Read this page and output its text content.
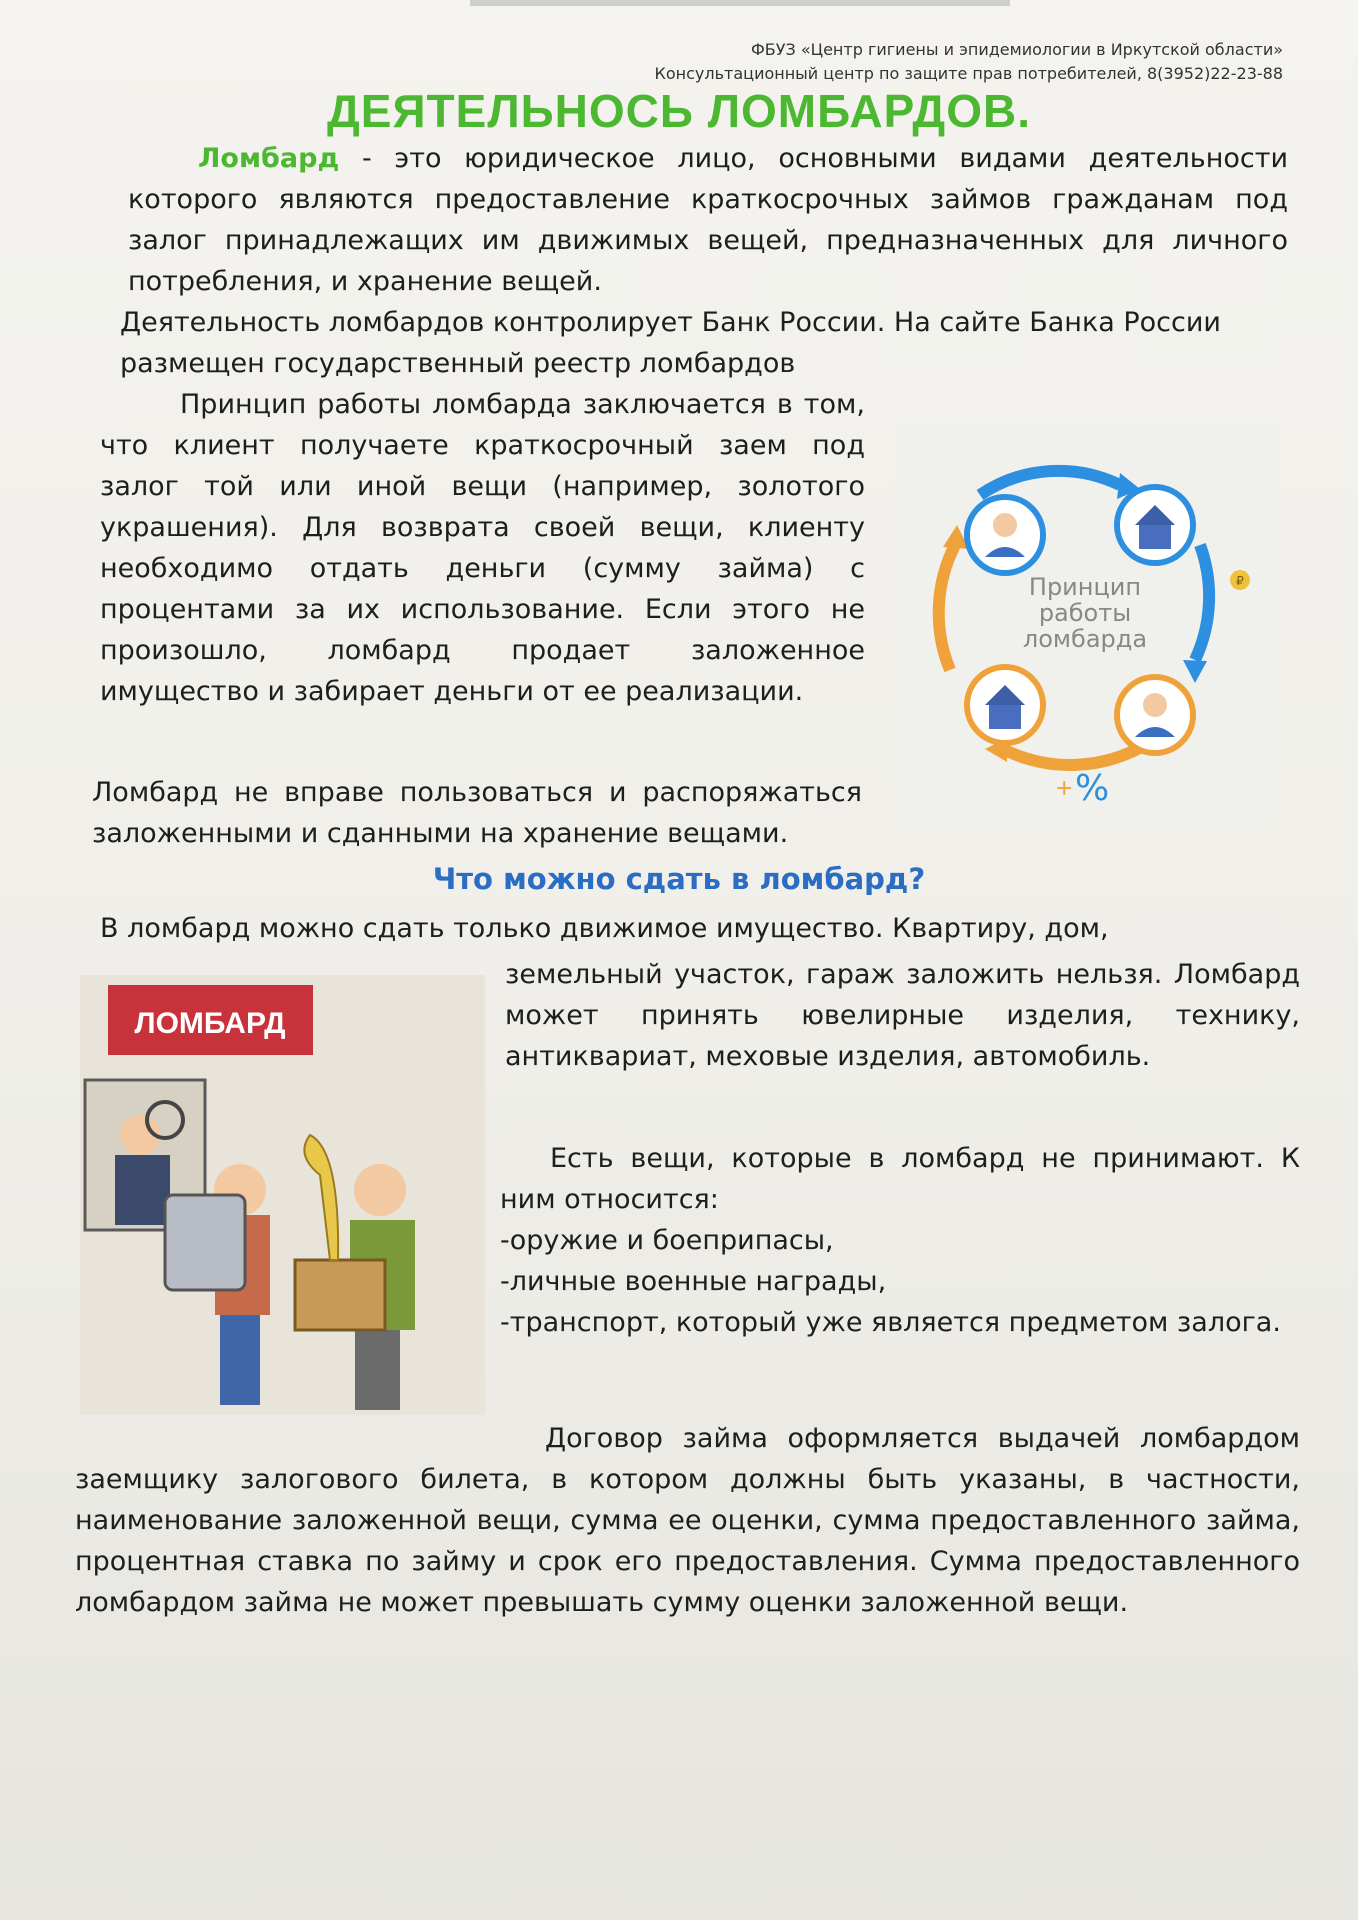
ФБУЗ «Центр гигиены и эпидемиологии в Иркутской области»
Консультационный центр по защите прав потребителей, 8(3952)22-23-88
ДЕЯТЕЛЬНОСЬ ЛОМБАРДОВ.
Ломбард - это юридическое лицо, основными видами деятельности которого являются предоставление краткосрочных займов гражданам под залог принадлежащих им движимых вещей, предназначенных для личного потребления, и хранение вещей.
Деятельность ломбардов контролирует Банк России. На сайте Банка России размещен государственный реестр ломбардов
Принцип работы ломбарда заключается в том, что клиент получаете краткосрочный заем под залог той или иной вещи (например, золотого украшения). Для возврата своей вещи, клиенту необходимо отдать деньги (сумму займа) с процентами за их использование. Если этого не произошло, ломбард продает заложенное имущество и забирает деньги от ее реализации.
Принцип
работы
ломбарда
₽
+ %
Ломбард не вправе пользоваться и распоряжаться заложенными и сданными на хранение вещами.
Что можно сдать в ломбард?
В ломбард можно сдать только движимое имущество. Квартиру, дом,
ЛОМБАРД
земельный участок, гараж заложить нельзя. Ломбард может принять ювелирные изделия, технику, антиквариат, меховые изделия, автомобиль.
Есть вещи, которые в ломбард не принимают. К ним относится:
-оружие и боеприпасы,
-личные военные награды,
-транспорт, который уже является предметом залога.
Договор займа оформляется выдачей ломбардом заемщику залогового билета, в котором должны быть указаны, в частности, наименование заложенной вещи, сумма ее оценки, сумма предоставленного займа, процентная ставка по займу и срок его предоставления. Сумма предоставленного ломбардом займа не может превышать сумму оценки заложенной вещи.
